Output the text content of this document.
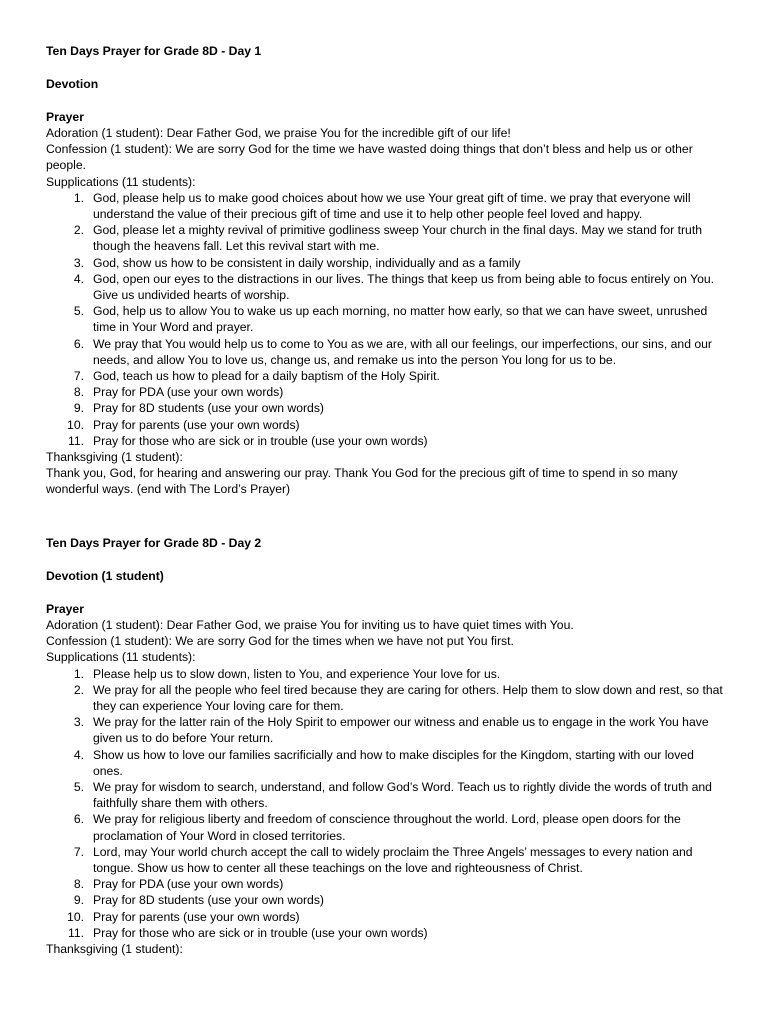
Ten Days Prayer for Grade 8D - Day 1

Devotion

Prayer

Adoration (1 student): Dear Father God, we praise You for the incredible gift of our life!

Confession (1 student): We are sorry God for the time we have wasted doing things that don’t bless and help us or other people.

Supplications (11 students):

1. God, please help us to make good choices about how we use Your great gift of time. we pray that everyone will understand the value of their precious gift of time and use it to help other people feel loved and happy.
2. God, please let a mighty revival of primitive godliness sweep Your church in the final days. May we stand for truth though the heavens fall. Let this revival start with me.
3. God, show us how to be consistent in daily worship, individually and as a family
4. God, open our eyes to the distractions in our lives. The things that keep us from being able to focus entirely on You. Give us undivided hearts of worship.
5. God, help us to allow You to wake us up each morning, no matter how early, so that we can have sweet, unrushed time in Your Word and prayer.
6. We pray that You would help us to come to You as we are, with all our feelings, our imperfections, our sins, and our needs, and allow You to love us, change us, and remake us into the person You long for us to be.
7. God, teach us how to plead for a daily baptism of the Holy Spirit.
8. Pray for PDA (use your own words)
9. Pray for 8D students (use your own words)
10. Pray for parents (use your own words)
11. Pray for those who are sick or in trouble (use your own words)

Thanksgiving (1 student):

Thank you, God, for hearing and answering our pray. Thank You God for the precious gift of time to spend in so many wonderful ways. (end with The Lord’s Prayer)

Ten Days Prayer for Grade 8D - Day 2

Devotion (1 student)

Prayer

Adoration (1 student): Dear Father God, we praise You for inviting us to have quiet times with You.

Confession (1 student): We are sorry God for the times when we have not put You first.

Supplications (11 students):

1. Please help us to slow down, listen to You, and experience Your love for us.
2. We pray for all the people who feel tired because they are caring for others. Help them to slow down and rest, so that they can experience Your loving care for them.
3. We pray for the latter rain of the Holy Spirit to empower our witness and enable us to engage in the work You have given us to do before Your return.
4. Show us how to love our families sacrificially and how to make disciples for the Kingdom, starting with our loved ones.
5. We pray for wisdom to search, understand, and follow God’s Word. Teach us to rightly divide the words of truth and faithfully share them with others.
6. We pray for religious liberty and freedom of conscience throughout the world. Lord, please open doors for the proclamation of Your Word in closed territories.
7. Lord, may Your world church accept the call to widely proclaim the Three Angels’ messages to every nation and tongue. Show us how to center all these teachings on the love and righteousness of Christ.
8. Pray for PDA (use your own words)
9. Pray for 8D students (use your own words)
10. Pray for parents (use your own words)
11. Pray for those who are sick or in trouble (use your own words)

Thanksgiving (1 student):
